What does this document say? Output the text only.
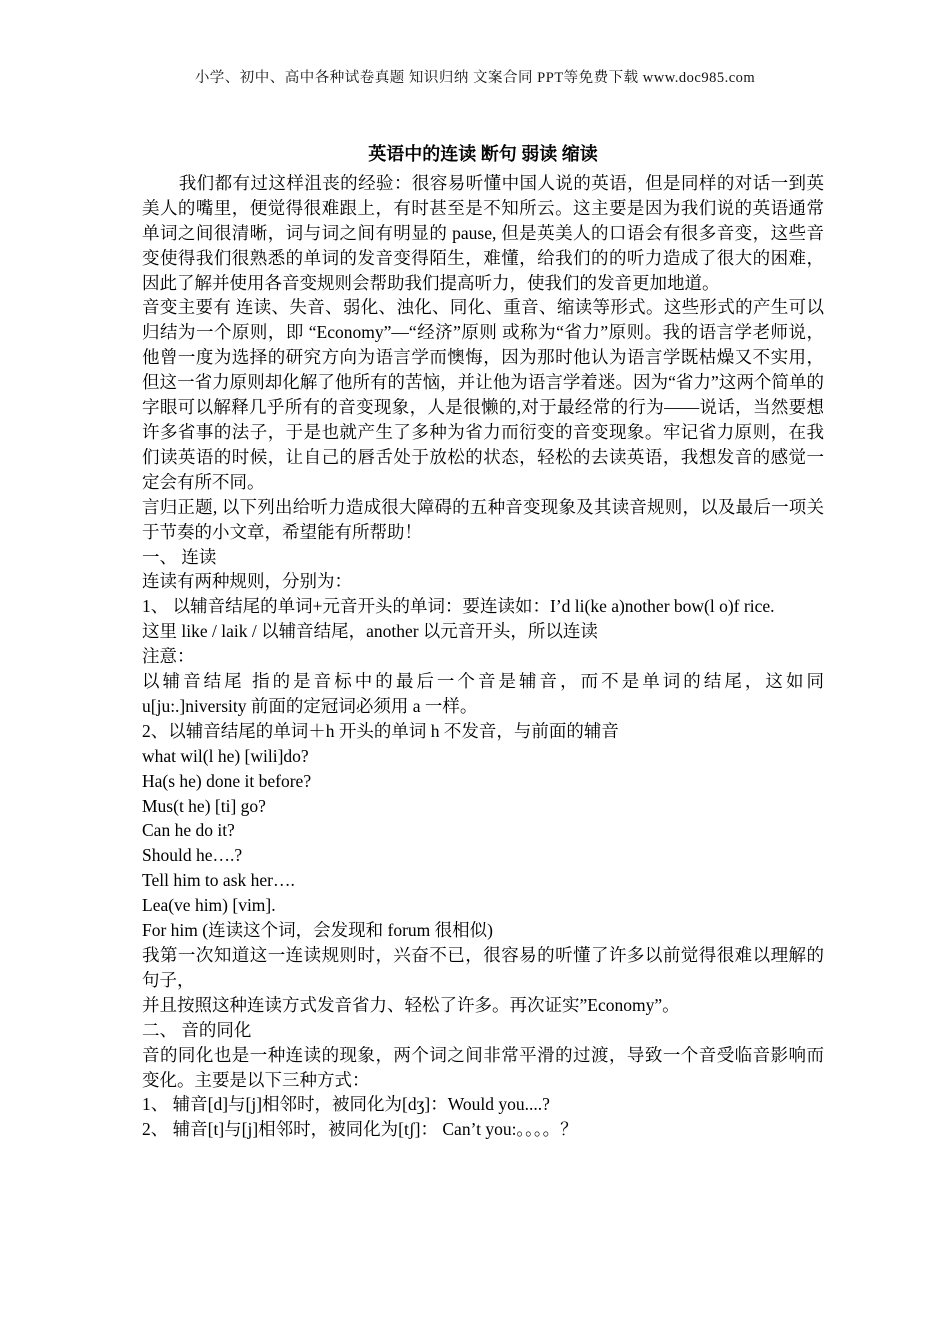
小学、初中、高中各种试卷真题 知识归纳 文案合同 PPT等免费下载 www.doc985.com

英语中的连读 断句 弱读 缩读

我们都有过这样沮丧的经验：很容易听懂中国人说的英语，但是同样的对话一到英美人的嘴里，便觉得很难跟上，有时甚至是不知所云。这主要是因为我们说的英语通常单词之间很清晰，词与词之间有明显的 pause, 但是英美人的口语会有很多音变，这些音变使得我们很熟悉的单词的发音变得陌生，难懂，给我们的的听力造成了很大的困难，因此了解并使用各音变规则会帮助我们提高听力，使我们的发音更加地道。

音变主要有 连读、失音、弱化、浊化、同化、重音、缩读等形式。这些形式的产生可以归结为一个原则，即 “Economy”—“经济”原则 或称为“省力”原则。我的语言学老师说，他曾一度为选择的研究方向为语言学而懊悔，因为那时他认为语言学既枯燥又不实用，但这一省力原则却化解了他所有的苦恼，并让他为语言学着迷。因为“省力”这两个简单的字眼可以解释几乎所有的音变现象，人是很懒的,对于最经常的行为——说话，当然要想许多省事的法子，于是也就产生了多种为省力而衍变的音变现象。牢记省力原则，在我们读英语的时候，让自己的唇舌处于放松的状态，轻松的去读英语，我想发音的感觉一定会有所不同。

言归正题, 以下列出给听力造成很大障碍的五种音变现象及其读音规则，以及最后一项关于节奏的小文章，希望能有所帮助！

一、 连读

连读有两种规则，分别为：

1、 以辅音结尾的单词+元音开头的单词：要连读如：I’d li(ke a)nother bow(l o)f rice.

这里 like / laik / 以辅音结尾，another 以元音开头，所以连读

注意：

以辅音结尾 指的是音标中的最后一个音是辅音，而不是单词的结尾，这如同 u[ju:.]niversity 前面的定冠词必须用 a 一样。

2、以辅音结尾的单词＋h 开头的单词 h 不发音，与前面的辅音

what wil(l he) [wili]do?

Ha(s he) done it before?

Mus(t he) [ti] go?

Can he do it?

Should he….?

Tell him to ask her….

Lea(ve him) [vim].

For him (连读这个词，会发现和 forum 很相似)

我第一次知道这一连读规则时，兴奋不已，很容易的听懂了许多以前觉得很难以理解的句子，

并且按照这种连读方式发音省力、轻松了许多。再次证实”Economy”。

二、 音的同化

音的同化也是一种连读的现象，两个词之间非常平滑的过渡，导致一个音受临音影响而变化。主要是以下三种方式：

1、 辅音[d]与[j]相邻时，被同化为[dʒ]：Would you....?

2、 辅音[t]与[j]相邻时，被同化为[tʃ]： Can’t you:。。。。？
